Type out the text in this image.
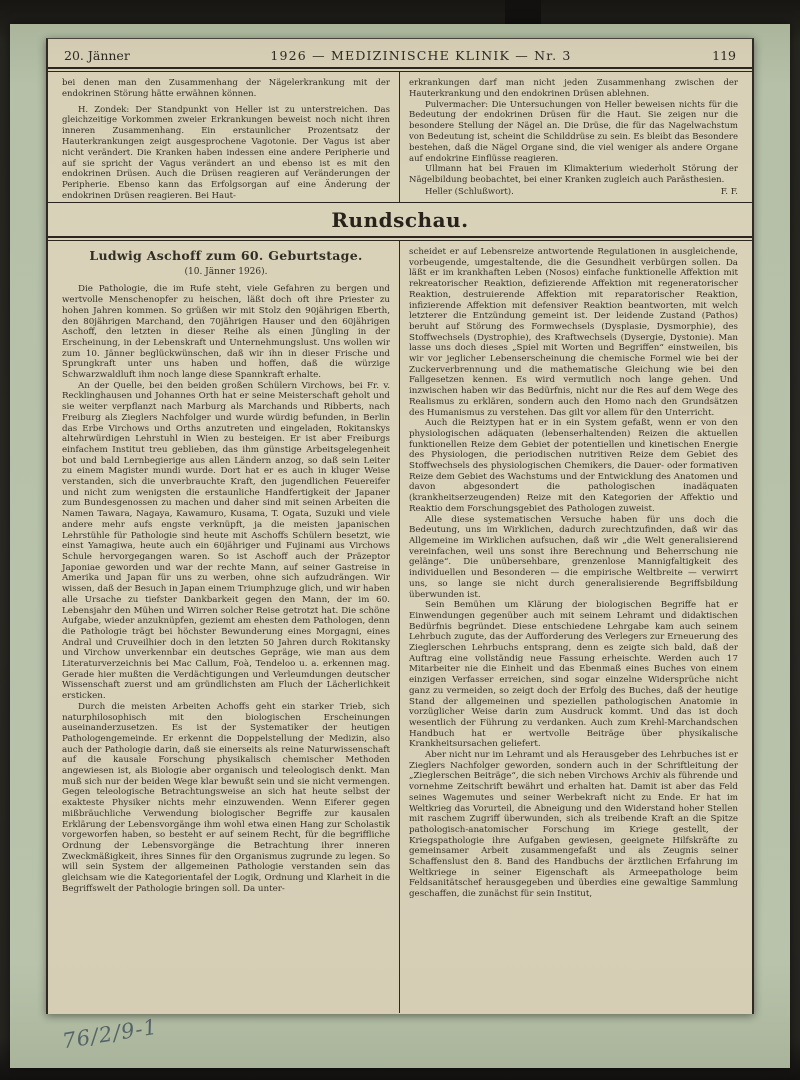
20. Jänner	1926 — MEDIZINISCHE KLINIK — Nr. 3	119

bei denen man den Zusammenhang der Nägelerkrankung mit der endokrinen Störung hätte erwähnen können.

H. Zondek: Der Standpunkt von Heller ist zu unterstreichen. Das gleichzeitige Vorkommen zweier Erkrankungen beweist noch nicht ihren inneren Zusammenhang. Ein erstaunlicher Prozentsatz der Hauterkrankungen zeigt ausgesprochene Vagotonie. Der Vagus ist aber nicht verändert. Die Kranken haben indessen eine andere Peripherie und auf sie spricht der Vagus verändert an und ebenso ist es mit den endokrinen Drüsen. Auch die Drüsen reagieren auf Veränderungen der Peripherie. Ebenso kann das Erfolgsorgan auf eine Änderung der endokrinen Drüsen reagieren. Bei Haut-

erkrankungen darf man nicht jeden Zusammenhang zwischen der Hauterkrankung und den endokrinen Drüsen ablehnen.

Pulvermacher: Die Untersuchungen von Heller beweisen nichts für die Bedeutung der endokrinen Drüsen für die Haut. Sie zeigen nur die besondere Stellung der Nägel an. Die Drüse, die für das Nagelwachstum von Bedeutung ist, scheint die Schilddrüse zu sein. Es bleibt das Besondere bestehen, daß die Nägel Organe sind, die viel weniger als andere Organe auf endokrine Einflüsse reagieren.

Ullmann hat bei Frauen im Klimakterium wiederholt Störung der Nägelbildung beobachtet, bei einer Kranken zugleich auch Parästhesien.

Heller (Schlußwort).	F. F.

Rundschau.

Ludwig Aschoff zum 60. Geburtstage.

(10. Jänner 1926).

Die Pathologie, die im Rufe steht, viele Gefahren zu bergen und wertvolle Menschenopfer zu heischen, läßt doch oft ihre Priester zu hohen Jahren kommen. So grüßen wir mit Stolz den 90jährigen Eberth, den 80jährigen Marchand, den 70jährigen Hauser und den 60jährigen Aschoff, den letzten in dieser Reihe als einen Jüngling in der Erscheinung, in der Lebenskraft und Unternehmungslust. Uns wollen wir zum 10. Jänner beglückwünschen, daß wir ihn in dieser Frische und Sprungkraft unter uns haben und hoffen, daß die würzige Schwarzwaldluft ihm noch lange diese Spannkraft erhalte.

An der Quelle, bei den beiden großen Schülern Virchows, bei Fr. v. Recklinghausen und Johannes Orth hat er seine Meisterschaft geholt und sie weiter verpflanzt nach Marburg als Marchands und Ribberts, nach Freiburg als Zieglers Nachfolger und wurde würdig befunden, in Berlin das Erbe Virchows und Orths anzutreten und eingeladen, Rokitanskys altehrwürdigen Lehrstuhl in Wien zu besteigen. Er ist aber Freiburgs einfachem Institut treu geblieben, das ihm günstige Arbeitsgelegenheit bot und bald Lernbegierige aus allen Ländern anzog, so daß sein Leiter zu einem Magister mundi wurde. Dort hat er es auch in kluger Weise verstanden, sich die unverbrauchte Kraft, den jugendlichen Feuereifer und nicht zum wenigsten die erstaunliche Handfertigkeit der Japaner zum Bundesgenossen zu machen und daher sind mit seinen Arbeiten die Namen Tawara, Nagaya, Kawamuro, Kusama, T. Ogata, Suzuki und viele andere mehr aufs engste verknüpft, ja die meisten japanischen Lehrstühle für Pathologie sind heute mit Aschoffs Schülern besetzt, wie einst Yamagiwa, heute auch ein 60jähriger und Fujinami aus Virchows Schule hervorgegangen waren. So ist Aschoff auch der Präzeptor Japoniae geworden und war der rechte Mann, auf seiner Gastreise in Amerika und Japan für uns zu werben, ohne sich aufzudrängen. Wir wissen, daß der Besuch in Japan einem Triumphzuge glich, und wir haben alle Ursache zu tiefster Dankbarkeit gegen den Mann, der im 60. Lebensjahr den Mühen und Wirren solcher Reise getrotzt hat. Die schöne Aufgabe, wieder anzuknüpfen, geziemt am ehesten dem Pathologen, denn die Pathologie trägt bei höchster Bewunderung eines Morgagni, eines Andral und Cruveilhier doch in den letzten 50 Jahren durch Rokitansky und Virchow unverkennbar ein deutsches Gepräge, wie man aus dem Literaturverzeichnis bei Mac Callum, Foà, Tendeloo u. a. erkennen mag. Gerade hier mußten die Verdächtigungen und Verleumdungen deutscher Wissenschaft zuerst und am gründlichsten am Fluch der Lächerlichkeit ersticken.

Durch die meisten Arbeiten Achoffs geht ein starker Trieb, sich naturphilosophisch mit den biologischen Erscheinungen auseinanderzusetzen. Es ist der Systematiker der heutigen Pathologengemeinde. Er erkennt die Doppelstellung der Medizin, also auch der Pathologie darin, daß sie einerseits als reine Naturwissenschaft auf die kausale Forschung physikalisch chemischer Methoden angewiesen ist, als Biologie aber organisch und teleologisch denkt. Man muß sich nur der beiden Wege klar bewußt sein und sie nicht vermengen. Gegen teleologische Betrachtungsweise an sich hat heute selbst der exakteste Physiker nichts mehr einzuwenden. Wenn Eiferer gegen mißbräuchliche Verwendung biologischer Begriffe zur kausalen Erklärung der Lebensvorgänge ihm wohl etwa einen Hang zur Scholastik vorgeworfen haben, so besteht er auf seinem Recht, für die begriffliche Ordnung der Lebensvorgänge die Betrachtung ihrer inneren Zweckmäßigkeit, ihres Sinnes für den Organismus zugrunde zu legen. So will sein System der allgemeinen Pathologie verstanden sein das gleichsam wie die Kategorientafel der Logik, Ordnung und Klarheit in die Begriffswelt der Pathologie bringen soll. Da unter-

scheidet er auf Lebensreize antwortende Regulationen in ausgleichende, vorbeugende, umgestaltende, die die Gesundheit verbürgen sollen. Da läßt er im krankhaften Leben (Nosos) einfache funktionelle Affektion mit rekreatorischer Reaktion, defizierende Affektion mit regeneratorischer Reaktion, destruierende Affektion mit reparatorischer Reaktion, infizierende Affektion mit defensiver Reaktion beantworten, mit welch letzterer die Entzündung gemeint ist. Der leidende Zustand (Pathos) beruht auf Störung des Formwechsels (Dysplasie, Dysmorphie), des Stoffwechsels (Dystrophie), des Kraftwechsels (Dysergie, Dystonie). Man lasse uns doch dieses „Spiel mit Worten und Begriffen“ einstweilen, bis wir vor jeglicher Lebenserscheinung die chemische Formel wie bei der Zuckerverbrennung und die mathematische Gleichung wie bei den Fallgesetzen kennen. Es wird vermutlich noch lange gehen. Und inzwischen haben wir das Bedürfnis, nicht nur die Res auf dem Wege des Realismus zu erklären, sondern auch den Homo nach den Grundsätzen des Humanismus zu verstehen. Das gilt vor allem für den Unterricht.

Auch die Reiztypen hat er in ein System gefaßt, wenn er von den physiologischen adäquaten (lebenserhaltenden) Reizen die aktuellen funktionellen Reize dem Gebiet der potentiellen und kinetischen Energie des Physiologen, die periodischen nutritiven Reize dem Gebiet des Stoffwechsels des physiologischen Chemikers, die Dauer- oder formativen Reize dem Gebiet des Wachstums und der Entwicklung des Anatomen und davon abgesondert die pathologischen inadäquaten (krankheitserzeugenden) Reize mit den Kategorien der Affektio und Reaktio dem Forschungsgebiet des Pathologen zuweist.

Alle diese systematischen Versuche haben für uns doch die Bedeutung, uns im Wirklichen, dadurch zurechtzufinden, daß wir das Allgemeine im Wirklichen aufsuchen, daß wir „die Welt generalisierend vereinfachen, weil uns sonst ihre Berechnung und Beherrschung nie gelänge“. Die unübersehbare, grenzenlose Mannigfaltigkeit des individuellen und Besonderen — die empirische Weltbreite — verwirrt uns, so lange sie nicht durch generalisierende Begriffsbildung überwunden ist.

Sein Bemühen um Klärung der biologischen Begriffe hat er Einwendungen gegenüber auch mit seinem Lehramt und didaktischen Bedürfnis begründet. Diese entschiedene Lehrgabe kam auch seinem Lehrbuch zugute, das der Aufforderung des Verlegers zur Erneuerung des Zieglerschen Lehrbuchs entsprang, denn es zeigte sich bald, daß der Auftrag eine vollständig neue Fassung erheischte. Werden auch 17 Mitarbeiter nie die Einheit und das Ebenmaß eines Buches von einem einzigen Verfasser erreichen, sind sogar einzelne Widersprüche nicht ganz zu vermeiden, so zeigt doch der Erfolg des Buches, daß der heutige Stand der allgemeinen und speziellen pathologischen Anatomie in vorzüglicher Weise darin zum Ausdruck kommt. Und das ist doch wesentlich der Führung zu verdanken. Auch zum Krehl-Marchandschen Handbuch hat er wertvolle Beiträge über physikalische Krankheitsursachen geliefert.

Aber nicht nur im Lehramt und als Herausgeber des Lehrbuches ist er Zieglers Nachfolger geworden, sondern auch in der Schriftleitung der „Zieglerschen Beiträge“, die sich neben Virchows Archiv als führende und vornehme Zeitschrift bewährt und erhalten hat. Damit ist aber das Feld seines Wagemutes und seiner Werbekraft nicht zu Ende. Er hat im Weltkrieg das Vorurteil, die Abneigung und den Widerstand hoher Stellen mit raschem Zugriff überwunden, sich als treibende Kraft an die Spitze pathologisch-anatomischer Forschung im Kriege gestellt, der Kriegspathologie ihre Aufgaben gewiesen, geeignete Hilfskräfte zu gemeinsamer Arbeit zusammengefaßt und als Zeugnis seiner Schaffenslust den 8. Band des Handbuchs der ärztlichen Erfahrung im Weltkriege in seiner Eigenschaft als Armeepathologe beim Feldsanitätschef herausgegeben und überdies eine gewaltige Sammlung geschaffen, die zunächst für sein Institut,

76/2/9-1
